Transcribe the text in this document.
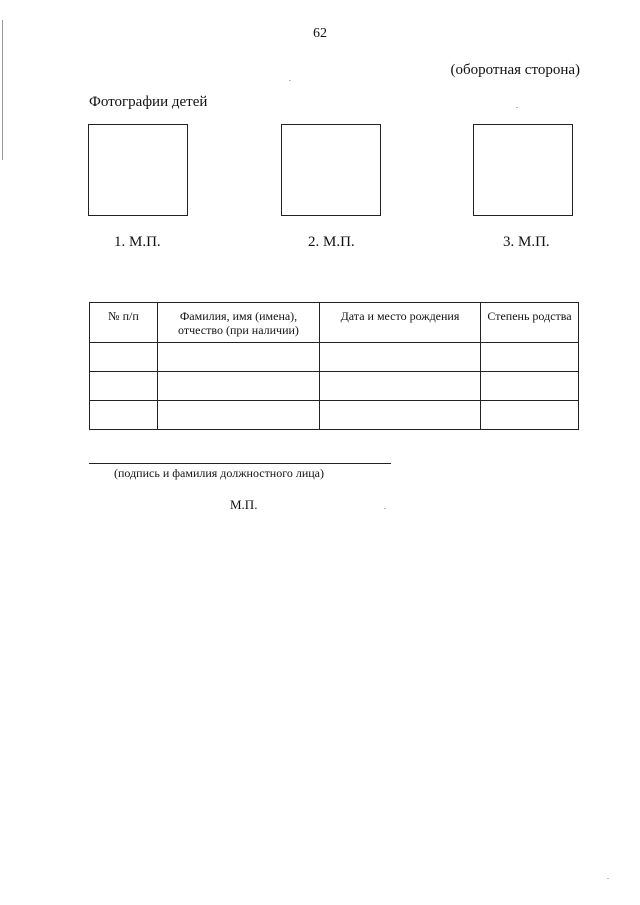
62
(оборотная сторона)
Фотографии детей
1. М.П.	2. М.П.	3. М.П.
№ п/п	Фамилия, имя (имена), отчество (при наличии)	Дата и место рождения	Степень родства

(подпись и фамилия должностного лица)
М.П.
